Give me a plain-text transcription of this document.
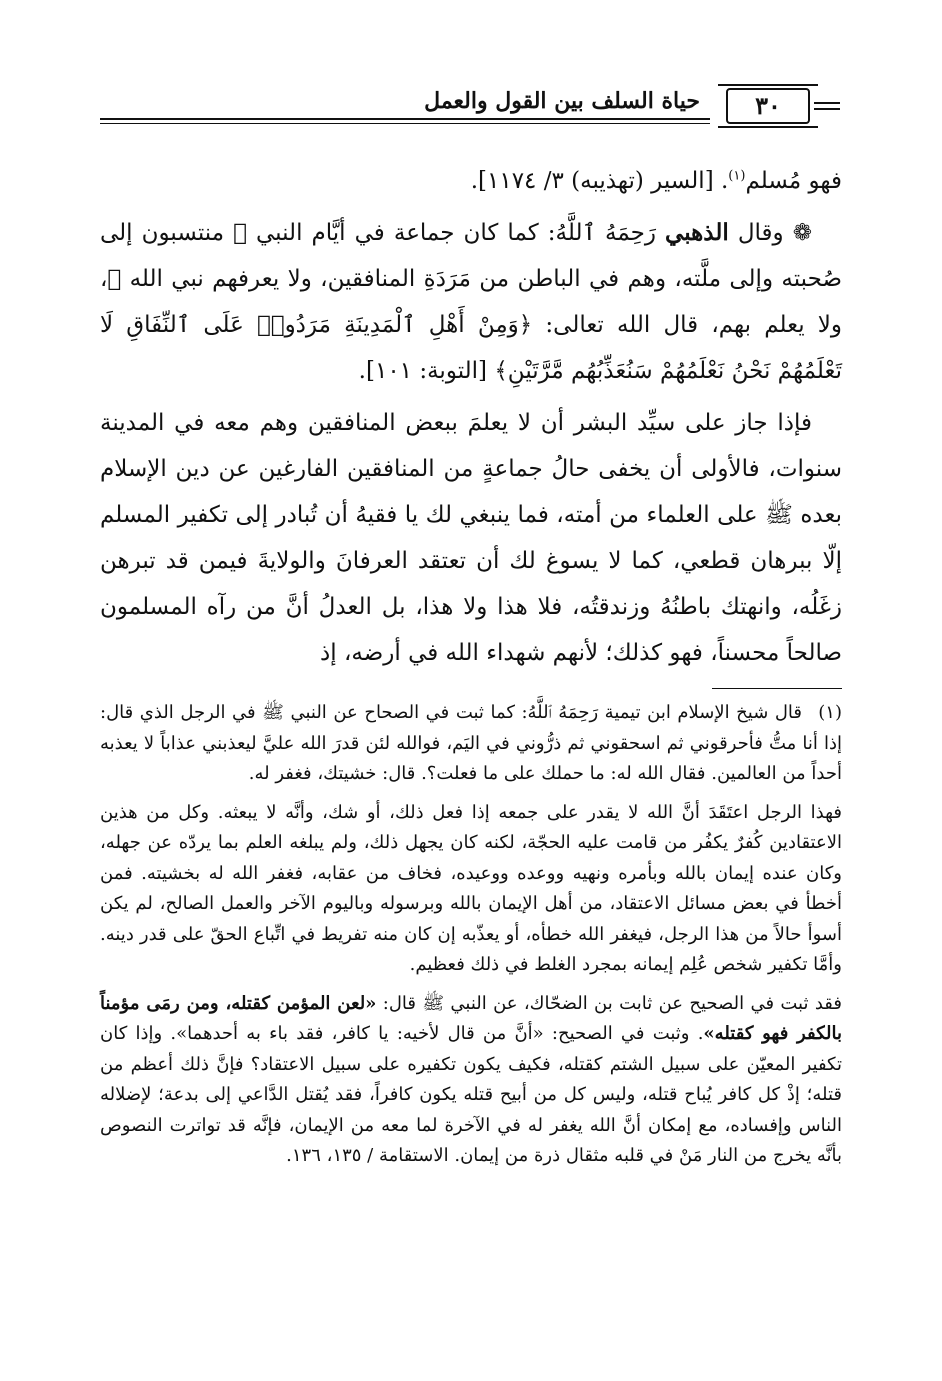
حياة السلف بين القول والعمل	٣٠

فهو مُسلم$^{(١)}$. [السير (تهذيبه) ٣/ ١١٧٤].

❁ وقال الذهبي رَحِمَهُ ٱللَّهُ: كما كان جماعة في أيَّام النبي ﷺ منتسبون إلى صُحبته وإلى ملَّته، وهم في الباطن من مَرَدَةِ المنافقين، ولا يعرفهم نبي الله ﷺ، ولا يعلم بهم، قال الله تعالى: ﴿وَمِنْ أَهْلِ ٱلْمَدِينَةِ مَرَدُوا۟ عَلَى ٱلنِّفَاقِ لَا تَعْلَمُهُمْ نَحْنُ نَعْلَمُهُمْ سَنُعَذِّبُهُم مَّرَّتَيْنِ﴾ [التوبة: ١٠١].

فإذا جاز على سيِّد البشر أن لا يعلمَ ببعض المنافقين وهم معه في المدينة سنوات، فالأولى أن يخفى حالُ جماعةٍ من المنافقين الفارغين عن دين الإسلام بعده ﷺ على العلماء من أمته، فما ينبغي لك يا فقيهُ أن تُبادر إلى تكفير المسلم إلّا ببرهان قطعي، كما لا يسوغ لك أن تعتقد العرفانَ والولايةَ فيمن قد تبرهن زغَلُه، وانهتك باطنُهُ وزندقتُه، فلا هذا ولا هذا، بل العدلُ أنَّ من رآه المسلمون صالحاً محسناً، فهو كذلك؛ لأنهم شهداء الله في أرضه، إذ

(١)قال شيخ الإسلام ابن تيمية رَحِمَهُ ٱللَّهُ: كما ثبت في الصحاح عن النبي ﷺ في الرجل الذي قال: إذا أنا متُّ فأحرقوني ثم اسحقوني ثم ذرُّوني في اليَم، فوالله لئن قدرَ الله عليَّ ليعذبني عذاباً لا يعذبه أحداً من العالمين. فقال الله له: ما حملك على ما فعلت؟. قال: خشيتك، فغفر له.

فهذا الرجل اعتَقَدَ أنَّ الله لا يقدر على جمعه إذا فعل ذلك، أو شك، وأنَّه لا يبعثه. وكل من هذين الاعتقادين كُفرٌ يكفُر من قامت عليه الحجّة، لكنه كان يجهل ذلك، ولم يبلغه العلم بما يردّه عن جهله، وكان عنده إيمان بالله وبأمره ونهيه ووعده ووعيده، فخاف من عقابه، فغفر الله له بخشيته. فمن أخطأ في بعض مسائل الاعتقاد، من أهل الإيمان بالله وبرسوله وباليوم الآخر والعمل الصالح، لم يكن أسوأ حالاً من هذا الرجل، فيغفر الله خطأه، أو يعذّبه إن كان منه تفريط في اتِّباع الحقّ على قدر دينه. وأمَّا تكفير شخص عُلِم إيمانه بمجرد الغلط في ذلك فعظيم.

فقد ثبت في الصحيح عن ثابت بن الضحّاك، عن النبي ﷺ قال: «لعن المؤمن كقتله، ومن رمَى مؤمناً بالكفر فهو كقتله». وثبت في الصحيح: «أنَّ من قال لأخيه: يا كافر، فقد باء به أحدهما». وإذا كان تكفير المعيّن على سبيل الشتم كقتله، فكيف يكون تكفيره على سبيل الاعتقاد؟ فإنَّ ذلك أعظم من قتله؛ إذْ كل كافر يُباح قتله، وليس كل من أبيح قتله يكون كافراً، فقد يُقتل الدَّاعي إلى بدعة؛ لإضلاله الناس وإفساده، مع إمكان أنَّ الله يغفر له في الآخرة لما معه من الإيمان، فإنَّه قد تواترت النصوص بأنَّه يخرج من النار مَنْ في قلبه مثقال ذرة من إيمان. الاستقامة / ١٣٥، ١٣٦.
